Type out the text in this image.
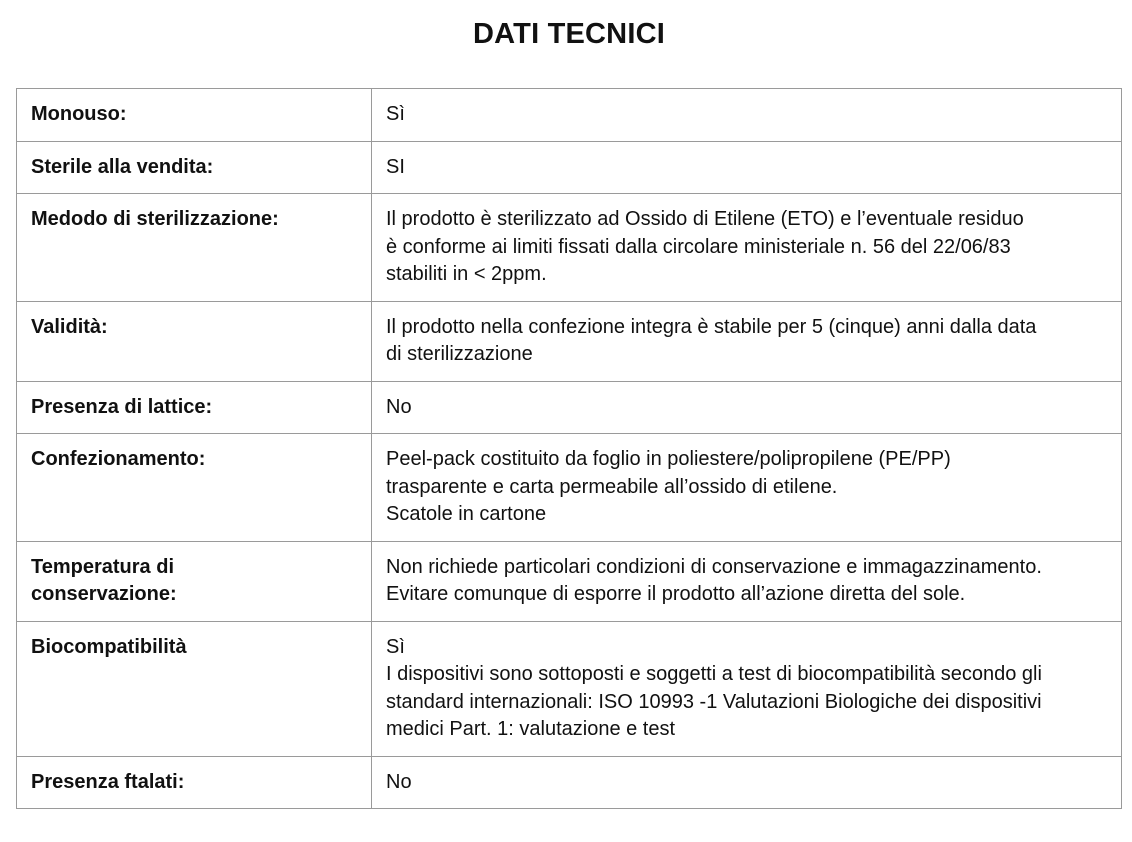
DATI TECNICI
Monouso:	Sì

Sterile alla vendita:	SI

Medodo di sterilizzazione:	Il prodotto è sterilizzato ad Ossido di Etilene (ETO) e l’eventuale residuo
è conforme ai limiti fissati dalla circolare ministeriale n. 56 del 22/06/83
stabiliti in < 2ppm.

Validità:	Il prodotto nella confezione integra è stabile per 5 (cinque) anni dalla data
di sterilizzazione

Presenza di lattice:	No

Confezionamento:	Peel-pack costituito da foglio in poliestere/polipropilene (PE/PP)
trasparente e carta permeabile all’ossido di etilene.
Scatole in cartone

Temperatura di
conservazione:	Non richiede particolari condizioni di conservazione e immagazzinamento.
Evitare comunque di esporre il prodotto all’azione diretta del sole.

Biocompatibilità	Sì
I dispositivi sono sottoposti e soggetti a test di biocompatibilità secondo gli
standard internazionali: ISO 10993 -1 Valutazioni Biologiche dei dispositivi
medici Part. 1: valutazione e test

Presenza ftalati:	No
